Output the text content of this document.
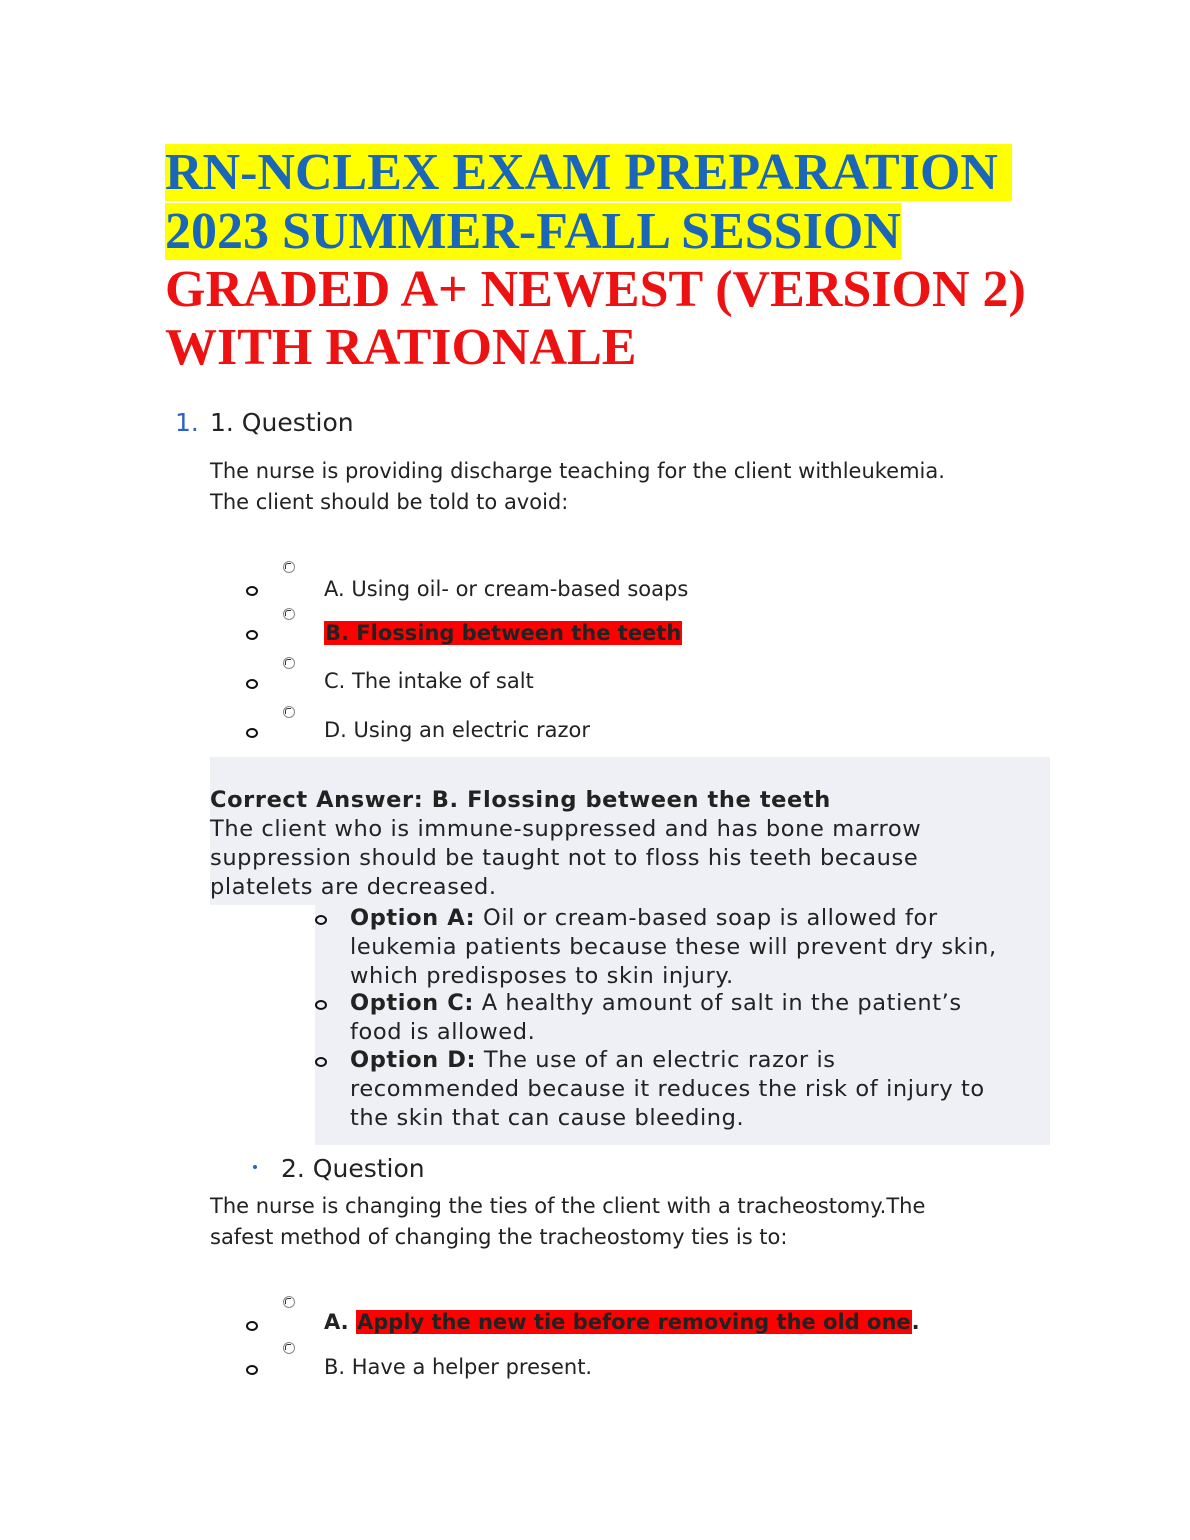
RN-NCLEX EXAM PREPARATION
2023 SUMMER-FALL SESSION
GRADED A+ NEWEST (VERSION 2)
WITH RATIONALE
1. 1. Question
The nurse is providing discharge teaching for the client withleukemia.
The client should be told to avoid:
A. Using oil- or cream-based soaps
B. Flossing between the teeth
C. The intake of salt
D. Using an electric razor
Correct Answer: B. Flossing between the teeth
The client who is immune-suppressed and has bone marrow
suppression should be taught not to floss his teeth because
platelets are decreased.
Option A: Oil or cream-based soap is allowed for
leukemia patients because these will prevent dry skin,
which predisposes to skin injury.
Option C: A healthy amount of salt in the patient’s
food is allowed.
Option D: The use of an electric razor is
recommended because it reduces the risk of injury to
the skin that can cause bleeding.
2. Question
The nurse is changing the ties of the client with a tracheostomy.The
safest method of changing the tracheostomy ties is to:
A. Apply the new tie before removing the old one.
B. Have a helper present.
